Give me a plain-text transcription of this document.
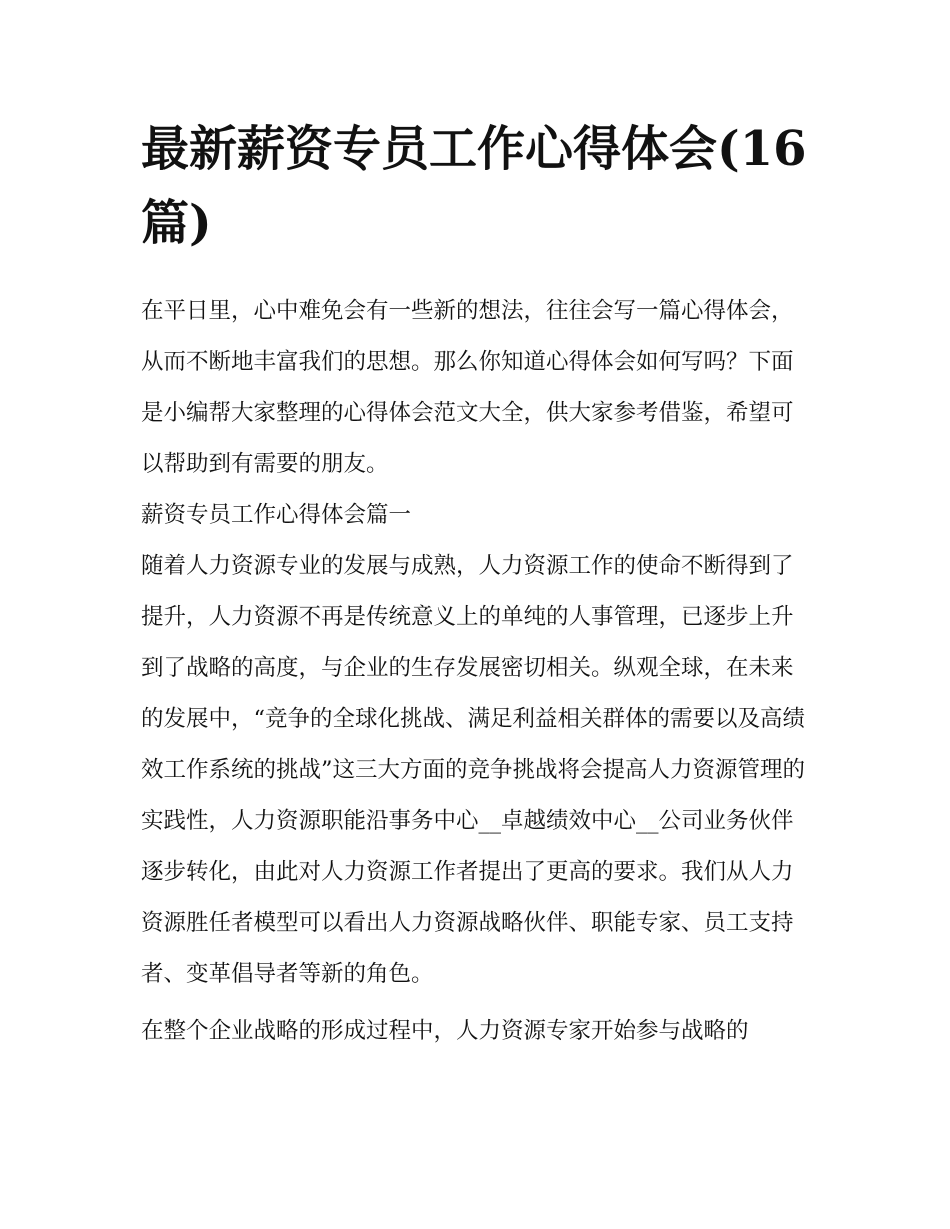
最新薪资专员工作心得体会(16篇)

在平日里，心中难免会有一些新的想法，往往会写一篇心得体会，从而不断地丰富我们的思想。那么你知道心得体会如何写吗？下面是小编帮大家整理的心得体会范文大全，供大家参考借鉴，希望可以帮助到有需要的朋友。

薪资专员工作心得体会篇一

随着人力资源专业的发展与成熟，人力资源工作的使命不断得到了提升，人力资源不再是传统意义上的单纯的人事管理，已逐步上升到了战略的高度，与企业的生存发展密切相关。纵观全球，在未来的发展中，“竞争的全球化挑战、满足利益相关群体的需要以及高绩效工作系统的挑战”这三大方面的竞争挑战将会提高人力资源管理的实践性，人力资源职能沿事务中心__卓越绩效中心__公司业务伙伴逐步转化，由此对人力资源工作者提出了更高的要求。我们从人力资源胜任者模型可以看出人力资源战略伙伴、职能专家、员工支持者、变革倡导者等新的角色。

在整个企业战略的形成过程中，人力资源专家开始参与战略的
